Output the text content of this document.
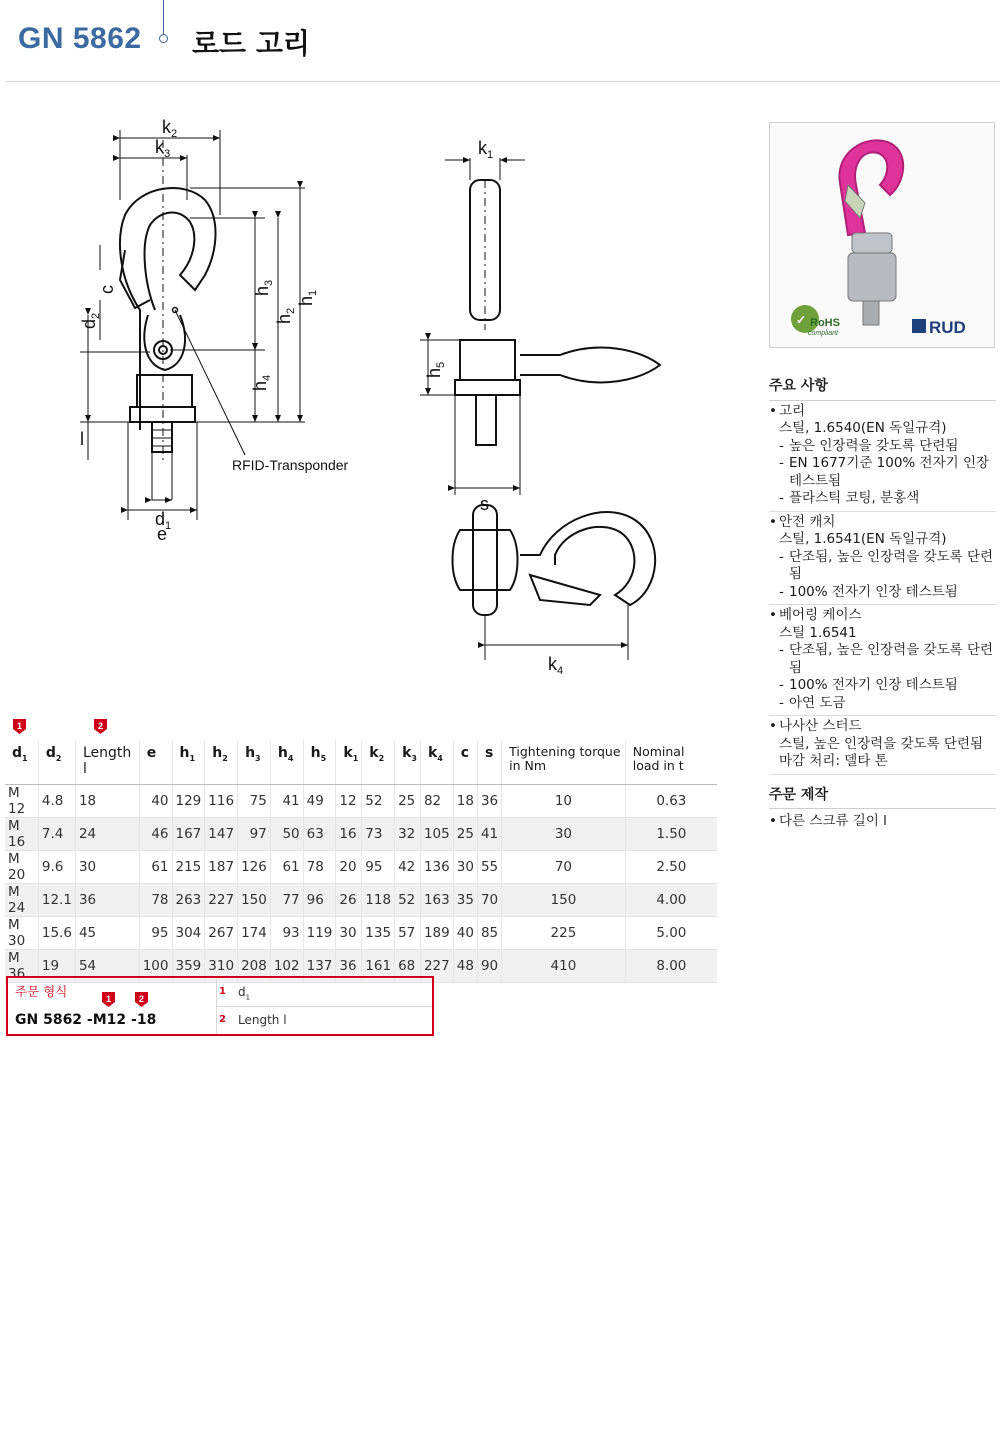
GN 5862 로드 고리
$k_2$
$k_3$	$k_1$
$h_5$
s
$k_4$
$d_1$
e
l
$d_2$
c	$h_3$
$h_2$
$h_1$
$h_4$
RFID-Transponder
✓ RoHS
compliant	RUD
주요 사항
• 고리
스틸, 1.6540(EN 독일규격)
- 높은 인장력을 갖도록 단련됨
- EN 1677기준 100% 전자기 인장 테스트됨
- 플라스틱 코팅, 분홍색
• 안전 캐치
스틸, 1.6541(EN 독일규격)
- 단조됨, 높은 인장력을 갖도록 단련됨
- 100% 전자기 인장 테스트됨
• 베어링 케이스
스틸 1.6541
- 단조됨, 높은 인장력을 갖도록 단련됨
- 100% 전자기 인장 테스트됨
- 아연 도금
• 나사산 스터드
스틸, 높은 인장력을 갖도록 단련됨
마감 처리: 델타 톤
주문 제작
• 다른 스크류 길이 l
1	2
$d_1$	$d_2$	Length l	e	$h_1$	$h_2$	$h_3$	$h_4$	$h_5$	$k_1$	$k_2$	$k_3$	$k_4$	c	s	Tightening torque in Nm	Nominal load in t
M 12	4.8	18	40	129	116	75	41	49	12	52	25	82	18	36	10	0.63
M 16	7.4	24	46	167	147	97	50	63	16	73	32	105	25	41	30	1.50
M 20	9.6	30	61	215	187	126	61	78	20	95	42	136	30	55	70	2.50
M 24	12.1	36	78	263	227	150	77	96	26	118	52	163	35	70	150	4.00
M 30	15.6	45	95	304	267	174	93	119	30	135	57	189	40	85	225	5.00
M 36	19	54	100	359	310	208	102	137	36	161	68	227	48	90	410	8.00
주문 형식	1	2
GN 5862 -M12 -18
1 $d_1$
2 Length l
